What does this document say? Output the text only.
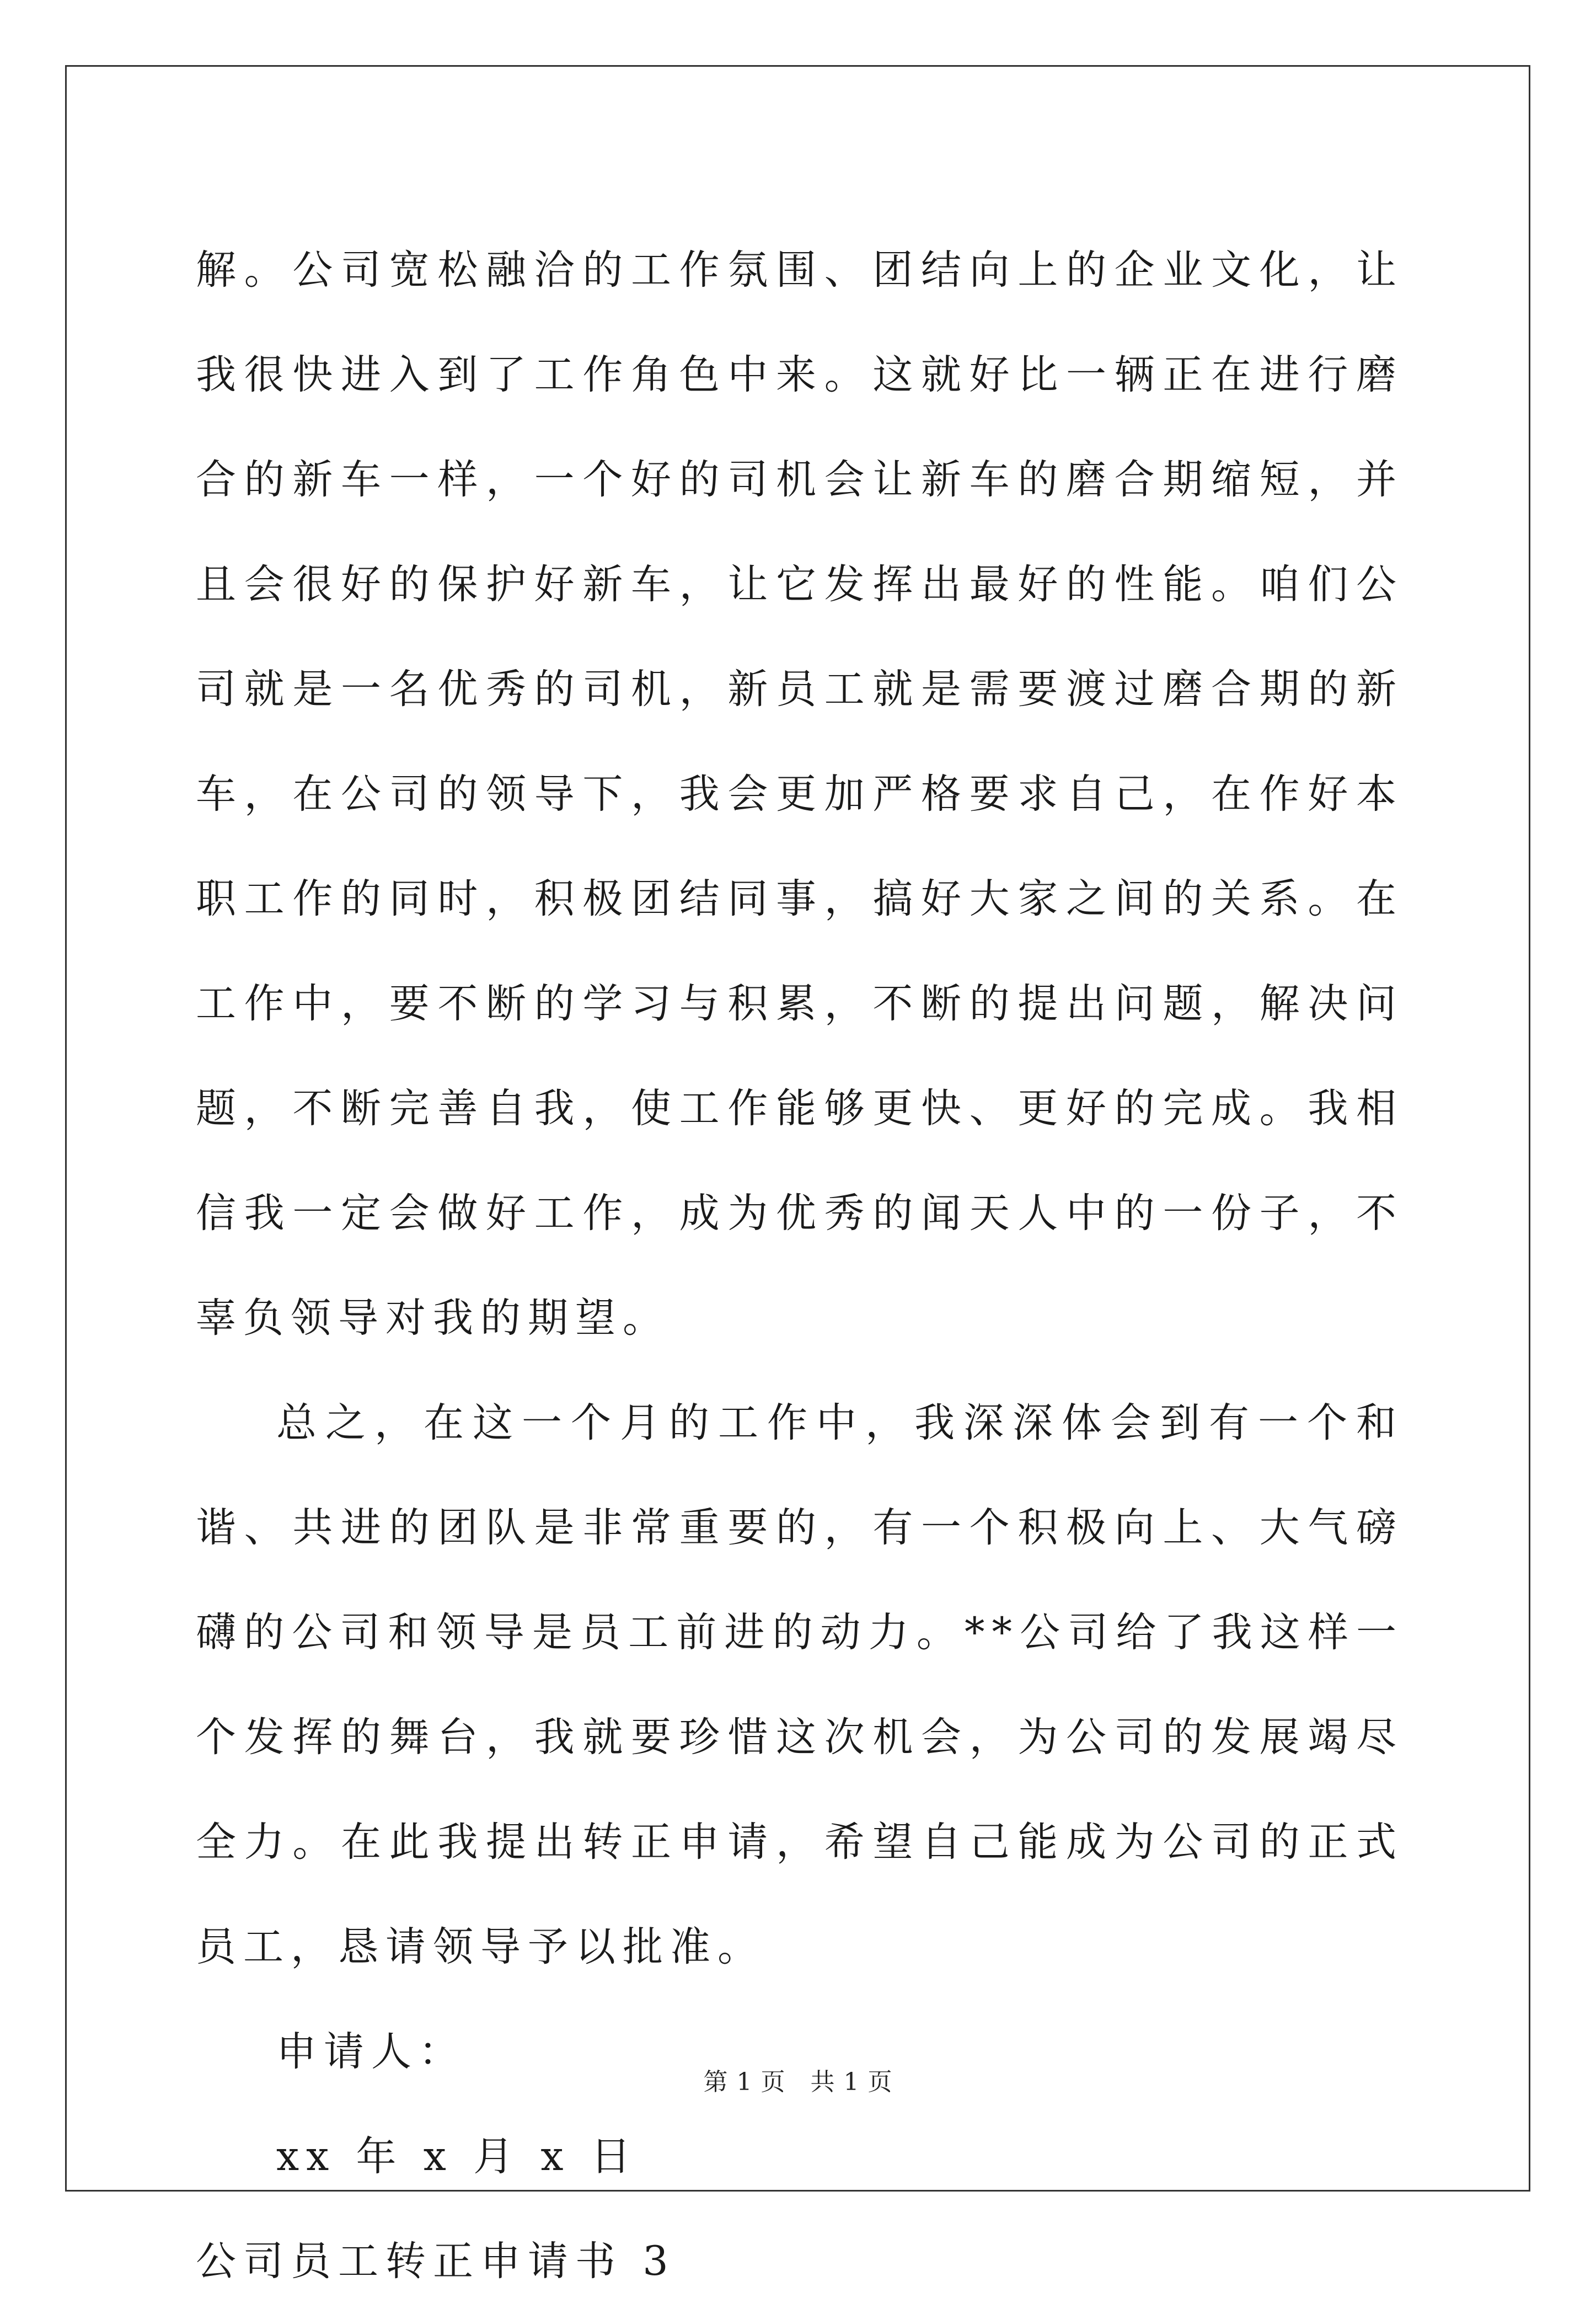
解。公司宽松融洽的工作氛围、团结向上的企业文化，让我很快进入到了工作角色中来。这就好比一辆正在进行磨合的新车一样，一个好的司机会让新车的磨合期缩短，并且会很好的保护好新车，让它发挥出最好的性能。咱们公司就是一名优秀的司机，新员工就是需要渡过磨合期的新车，在公司的领导下，我会更加严格要求自己，在作好本职工作的同时，积极团结同事，搞好大家之间的关系。在工作中，要不断的学习与积累，不断的提出问题，解决问题，不断完善自我，使工作能够更快、更好的完成。我相信我一定会做好工作，成为优秀的闻天人中的一份子，不辜负领导对我的期望。

总之，在这一个月的工作中，我深深体会到有一个和谐、共进的团队是非常重要的，有一个积极向上、大气磅礴的公司和领导是员工前进的动力。**公司给了我这样一个发挥的舞台，我就要珍惜这次机会，为公司的发展竭尽全力。在此我提出转正申请，希望自己能成为公司的正式员工，恳请领导予以批准。

申请人：

xx 年 x 月 x 日

公司员工转正申请书 3

第 1 页 共 1 页
